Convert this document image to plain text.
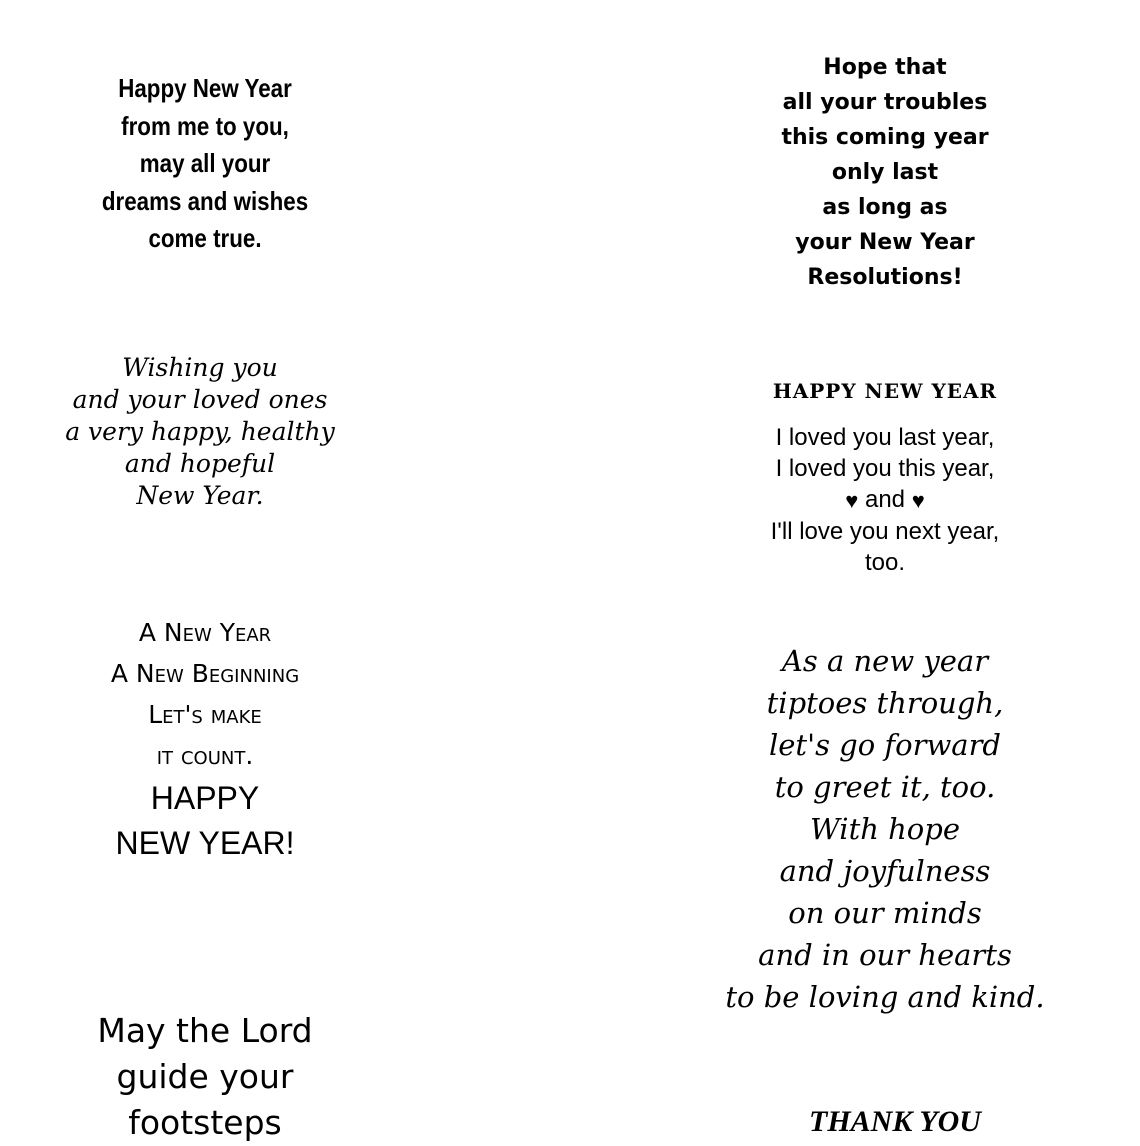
Happy New Year
from me to you,
may all your
dreams and wishes
come true.
Wishing you
and your loved ones
a very happy, healthy
and hopeful
New Year.
A New Year
A New Beginning
Let's make
it count.
HAPPY
NEW YEAR!
May the Lord
guide your
footsteps
Hope that
all your troubles
this coming year
only last
as long as
your New Year
Resolutions!
HAPPY NEW YEAR
I loved you last year,
I loved you this year,
♥ and ♥
I'll love you next year,
too.
As a new year
tiptoes through,
let's go forward
to greet it, too.
With hope
and joyfulness
on our minds
and in our hearts
to be loving and kind.
THANK YOU
